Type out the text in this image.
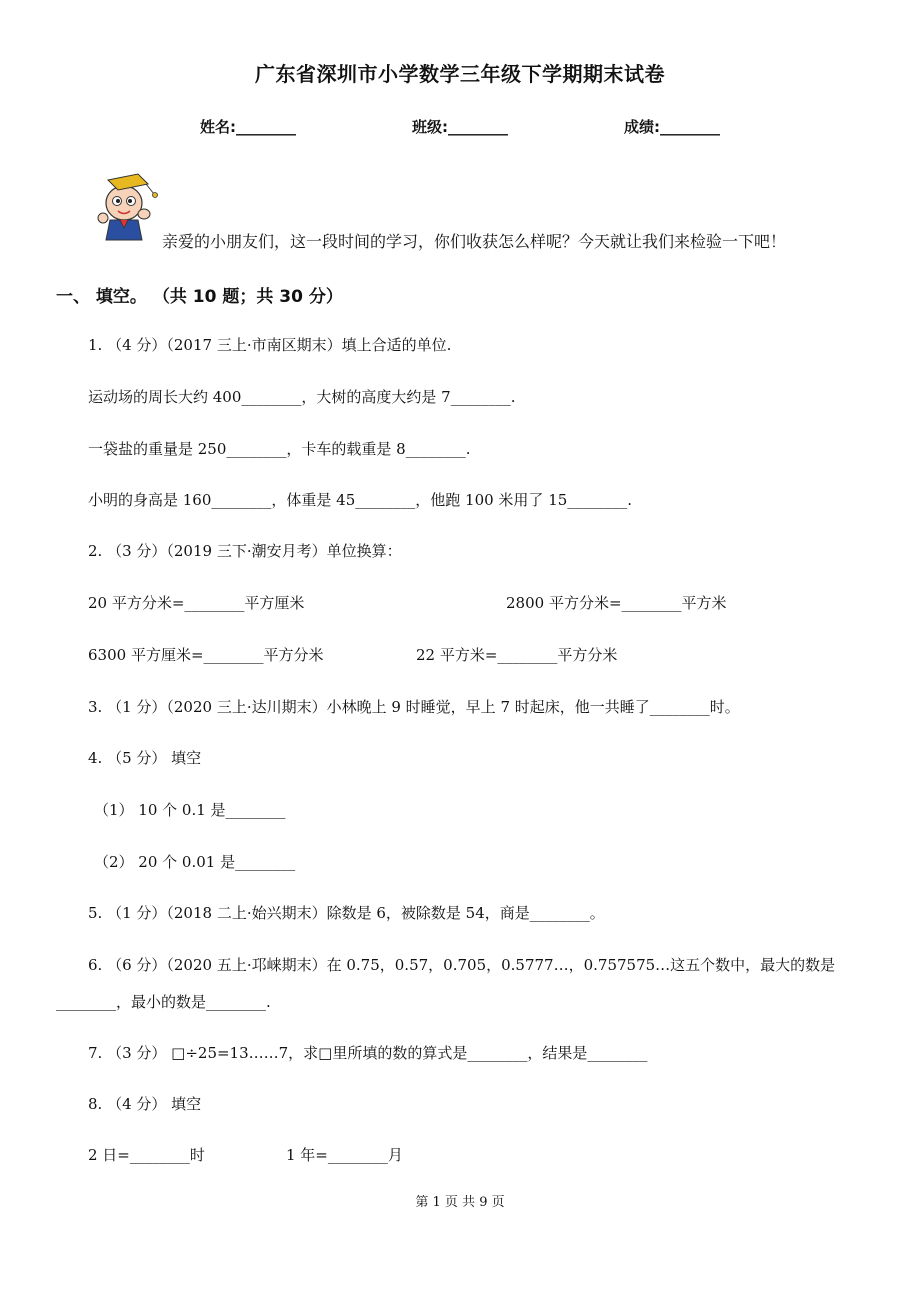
广东省深圳市小学数学三年级下学期期末试卷
姓名:________	班级:________	成绩:________
亲爱的小朋友们，这一段时间的学习，你们收获怎么样呢？今天就让我们来检验一下吧！
一、 填空。 （共 10 题；共 30 分）
1. （4 分）（2017 三上·市南区期末）填上合适的单位.
运动场的周长大约 400________，大树的高度大约是 7________.
一袋盐的重量是 250________，卡车的载重是 8________.
小明的身高是 160________，体重是 45________，他跑 100 米用了 15________.
2. （3 分）（2019 三下·潮安月考）单位换算：
20 平方分米=________平方厘米	2800 平方分米=________平方米
6300 平方厘米=________平方分米	22 平方米=________平方分米
3. （1 分）（2020 三上·达川期末）小林晚上 9 时睡觉，早上 7 时起床，他一共睡了________时。
4. （5 分） 填空
（1） 10 个 0.1 是________
（2） 20 个 0.01 是________
5. （1 分）（2018 二上·始兴期末）除数是 6，被除数是 54，商是________。
6. （6 分）（2020 五上·邛崃期末）在 0.75，0.57，0.705，0.5777…，0.757575…这五个数中，最大的数是
________，最小的数是________.
7. （3 分） □÷25=13……7，求□里所填的数的算式是________，结果是________
8. （4 分） 填空
2 日=________时	1 年=________月
第 1 页 共 9 页
